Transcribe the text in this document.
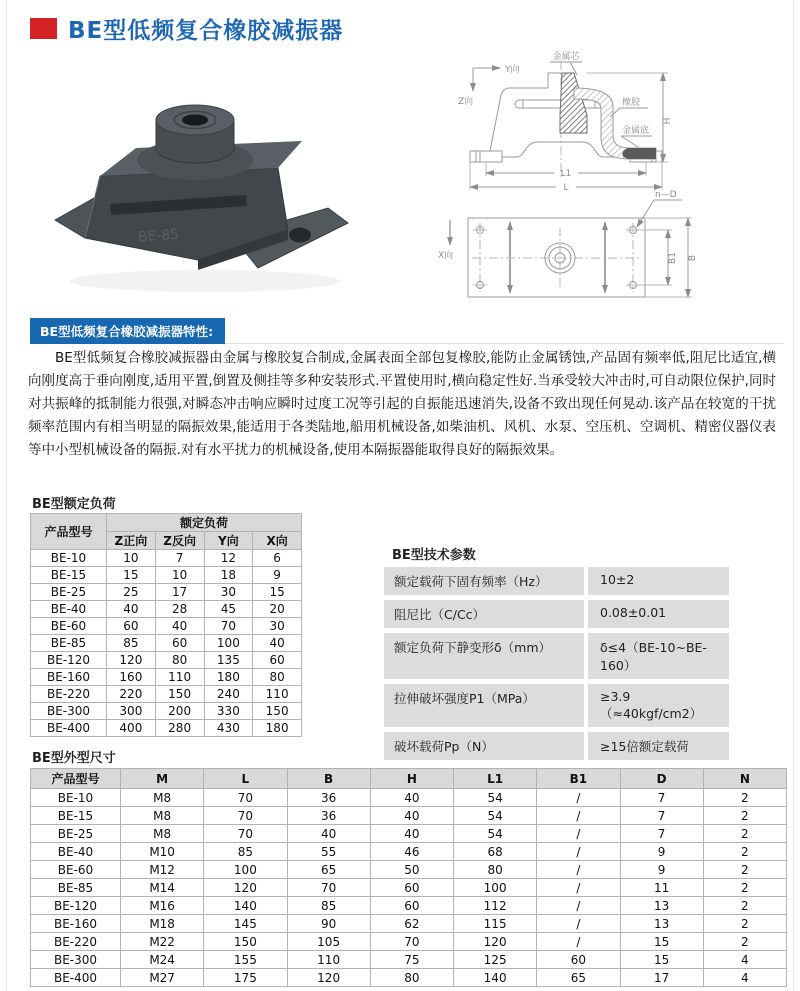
BE型低频复合橡胶减振器
BE-85
Y向
Z向
金属芯
橡胶
金属底
H
L1
L
X向
n—D
B1 B
BE型低频复合橡胶减振器特性:

BE型低频复合橡胶减振器由金属与橡胶复合制成,金属表面全部包复橡胶,能防止金属锈蚀,产品固有频率低,阻尼比适宜,横向刚度高于垂向刚度,适用平置,倒置及侧挂等多种安装形式.平置使用时,横向稳定性好.当承受较大冲击时,可自动限位保护,同时对共振峰的抵制能力很强,对瞬态冲击响应瞬时过度工况等引起的自振能迅速消失,设备不致出现任何晃动.该产品在较宽的干扰频率范围内有相当明显的隔振效果,能适用于各类陆地,船用机械设备,如柴油机、风机、水泵、空压机、空调机、精密仪器仪表等中小型机械设备的隔振.对有水平扰力的机械设备,使用本隔振器能取得良好的隔振效果。

BE型额定负荷
产品型号	额定负荷			
	Z正向	Z反向	Y向	X向
BE-10	10	7	12	6
BE-15	15	10	18	9
BE-25	25	17	30	15
BE-40	40	28	45	20
BE-60	60	40	70	30
BE-85	85	60	100	40
BE-120	120	80	135	60
BE-160	160	110	180	80
BE-220	220	150	240	110
BE-300	300	200	330	150
BE-400	400	280	430	180
BE型技术参数
额定载荷下固有频率（Hz）	10±2
阻尼比（C/Cc）	0.08±0.01
额定负荷下静变形δ（mm）	δ≤4（BE-10~BE-160）
拉伸破坏强度P1（MPa）	≥3.9（≈40kgf/cm2）
破坏载荷Pp（N）	≥15倍额定载荷
BE型外型尺寸
产品型号	M	L	B	H	L1	B1	D	N
BE-10	M8	70	36	40	54	/	7	2
BE-15	M8	70	36	40	54	/	7	2
BE-25	M8	70	40	40	54	/	7	2
BE-40	M10	85	55	46	68	/	9	2
BE-60	M12	100	65	50	80	/	9	2
BE-85	M14	120	70	60	100	/	11	2
BE-120	M16	140	85	60	112	/	13	2
BE-160	M18	145	90	62	115	/	13	2
BE-220	M22	150	105	70	120	/	15	2
BE-300	M24	155	110	75	125	60	15	4
BE-400	M27	175	120	80	140	65	17	4
